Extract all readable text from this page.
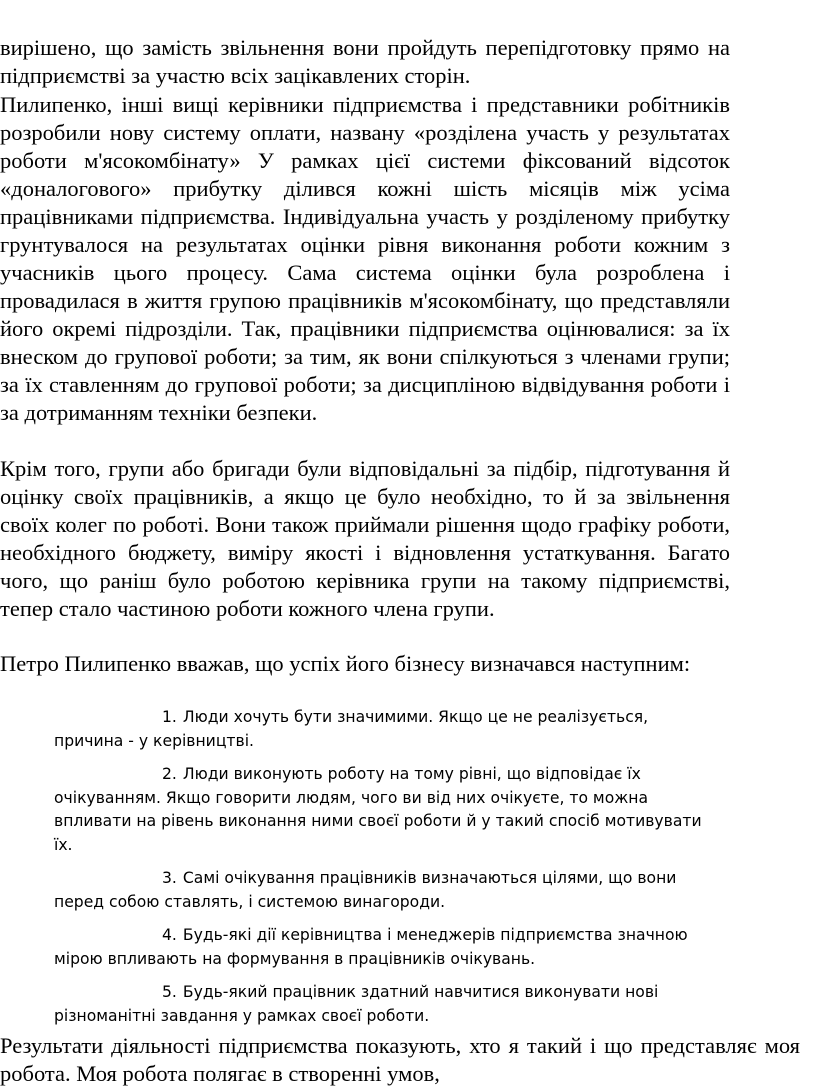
вирішено, що замість звільнення вони пройдуть перепідготовку прямо на підприємстві за участю всіх зацікавлених сторін.

Пилипенко, інші вищі керівники підприємства і представники робітників розробили нову систему оплати, названу «розділена участь у результатах роботи м'ясокомбінату» У рамках цієї системи фіксований відсоток «доналогового» прибутку ділився кожні шість місяців між усіма працівниками підприємства. Індивідуальна участь у розділеному прибутку грунтувалося на результатах оцінки рівня виконання роботи кожним з учасників цього процесу. Сама система оцінки була розроблена і провадилася в життя групою працівників м'ясокомбінату, що представляли його окремі підрозділи. Так, працівники підприємства оцінювалися: за їх внеском до групової роботи; за тим, як вони спілкуються з членами групи; за їх ставленням до групової роботи; за дисципліною відвідування роботи і за дотриманням техніки безпеки.

Крім того, групи або бригади були відповідальні за підбір, підготування й оцінку своїх працівників, а якщо це було необхідно, то й за звільнення своїх колег по роботі. Вони також приймали рішення щодо графіку роботи, необхідного бюджету, виміру якості і відновлення устаткування. Багато чого, що раніш було роботою керівника групи на такому підприємстві, тепер стало частиною роботи кожного члена групи.

Петро Пилипенко вважав, що успіх його бізнесу визначався наступним:

1. Люди хочуть бути значимими. Якщо це не реалізується, причина - у керівництві.
2. Люди виконують роботу на тому рівні, що відповідає їх очікуванням. Якщо говорити людям, чого ви від них очікуєте, то можна впливати на рівень виконання ними своєї роботи й у такий спосіб мотивувати їх.
3. Самі очікування працівників визначаються цілями, що вони перед собою ставлять, і системою винагороди.
4. Будь-які дії керівництва і менеджерів підприємства значною мірою впливають на формування в працівників очікувань.
5. Будь-який працівник здатний навчитися виконувати нові різноманітні завдання у рамках своєї роботи.

Результати діяльності підприємства показують, хто я такий і що представляє моя робота. Моя робота полягає в створенні умов,
